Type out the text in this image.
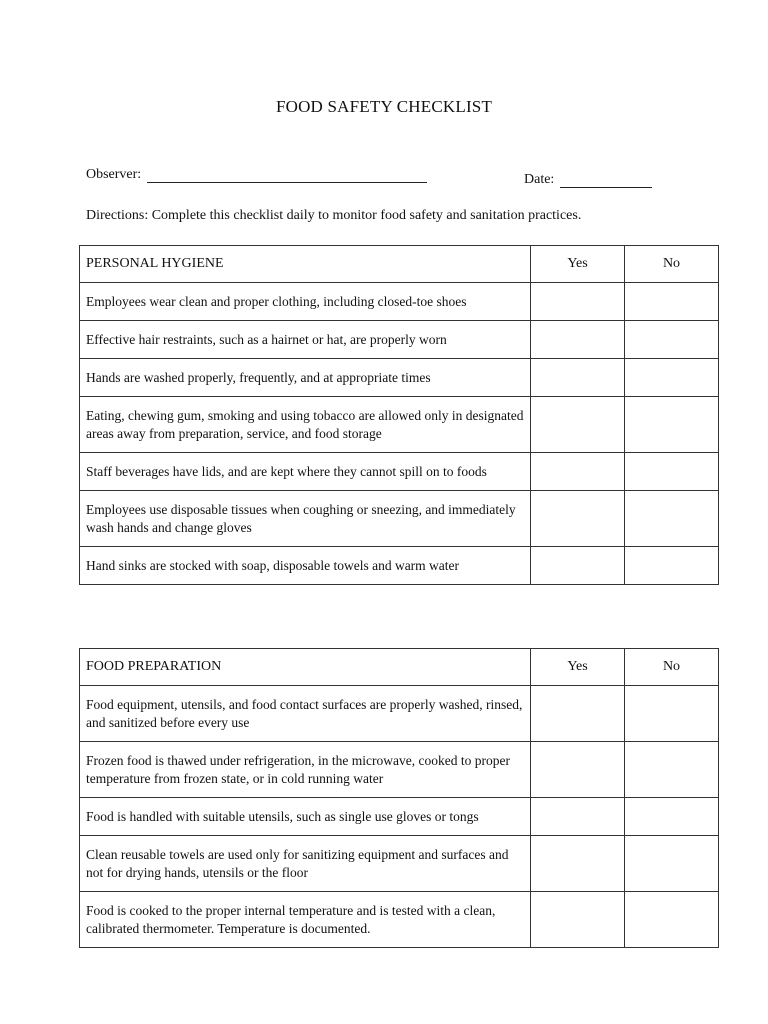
FOOD SAFETY CHECKLIST
Observer:	Date:
Directions: Complete this checklist daily to monitor food safety and sanitation practices.
PERSONAL HYGIENE	Yes	No
Employees wear clean and proper clothing, including closed-toe shoes		
Effective hair restraints, such as a hairnet or hat, are properly worn		
Hands are washed properly, frequently, and at appropriate times		
Eating, chewing gum, smoking and using tobacco are allowed only in designated areas away from preparation, service, and food storage		
Staff beverages have lids, and are kept where they cannot spill on to foods		
Employees use disposable tissues when coughing or sneezing, and immediately wash hands and change gloves		
Hand sinks are stocked with soap, disposable towels and warm water		
FOOD PREPARATION	Yes	No
Food equipment, utensils, and food contact surfaces are properly washed, rinsed, and sanitized before every use		
Frozen food is thawed under refrigeration, in the microwave, cooked to proper temperature from frozen state, or in cold running water		
Food is handled with suitable utensils, such as single use gloves or tongs		
Clean reusable towels are used only for sanitizing equipment and surfaces and not for drying hands, utensils or the floor		
Food is cooked to the proper internal temperature and is tested with a clean, calibrated thermometer. Temperature is documented.		
